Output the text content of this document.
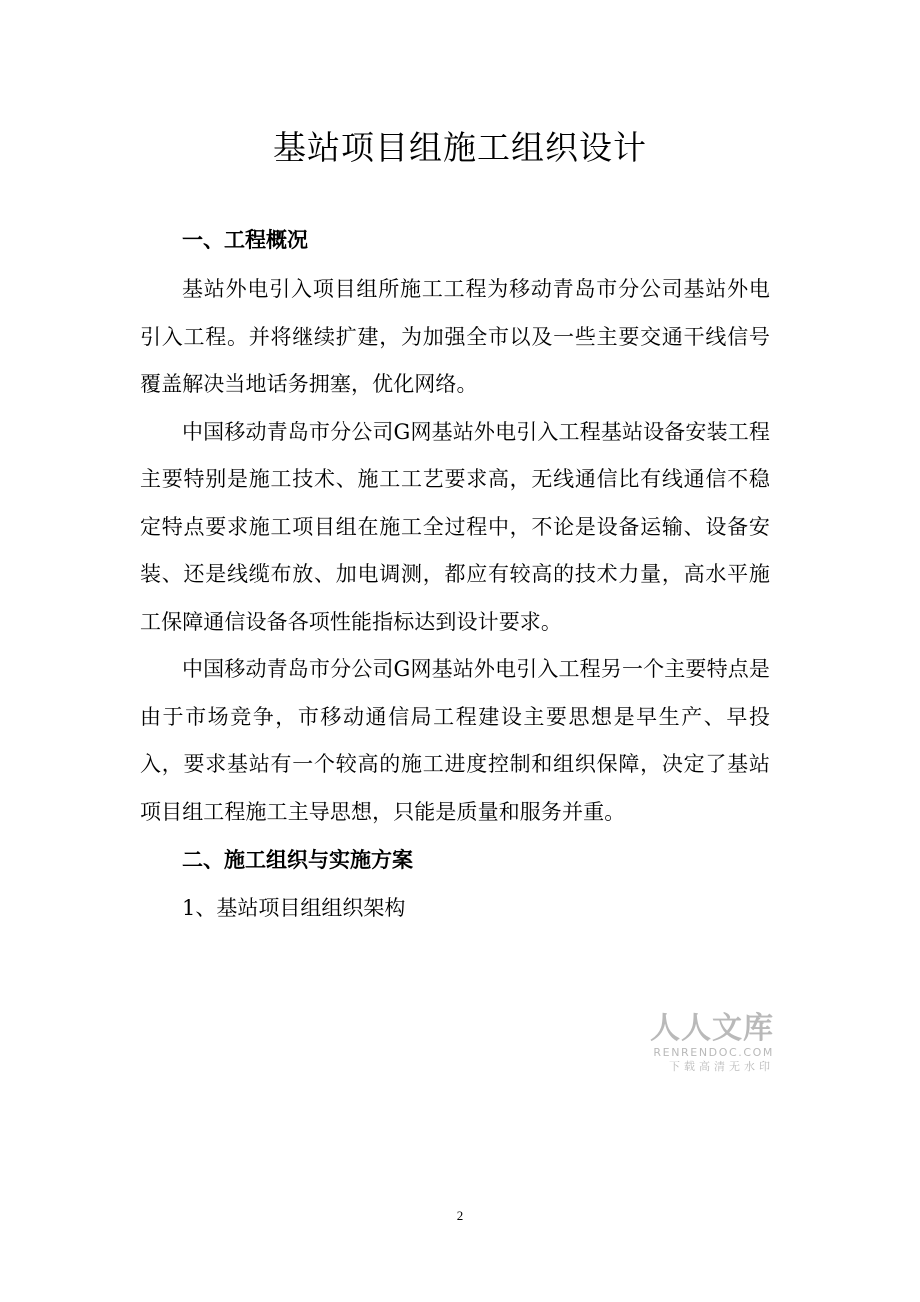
基站项目组施工组织设计
一、工程概况

基站外电引入项目组所施工工程为移动青岛市分公司基站外电引入工程。并将继续扩建，为加强全市以及一些主要交通干线信号覆盖解决当地话务拥塞，优化网络。

中国移动青岛市分公司G网基站外电引入工程基站设备安装工程主要特别是施工技术、施工工艺要求高，无线通信比有线通信不稳定特点要求施工项目组在施工全过程中，不论是设备运输、设备安装、还是线缆布放、加电调测，都应有较高的技术力量，高水平施工保障通信设备各项性能指标达到设计要求。

中国移动青岛市分公司G网基站外电引入工程另一个主要特点是由于市场竞争，市移动通信局工程建设主要思想是早生产、早投入，要求基站有一个较高的施工进度控制和组织保障，决定了基站项目组工程施工主导思想，只能是质量和服务并重。

二、施工组织与实施方案
1、基站项目组组织架构
人人文库
RENRENDOC.COM
下载高清无水印
2
